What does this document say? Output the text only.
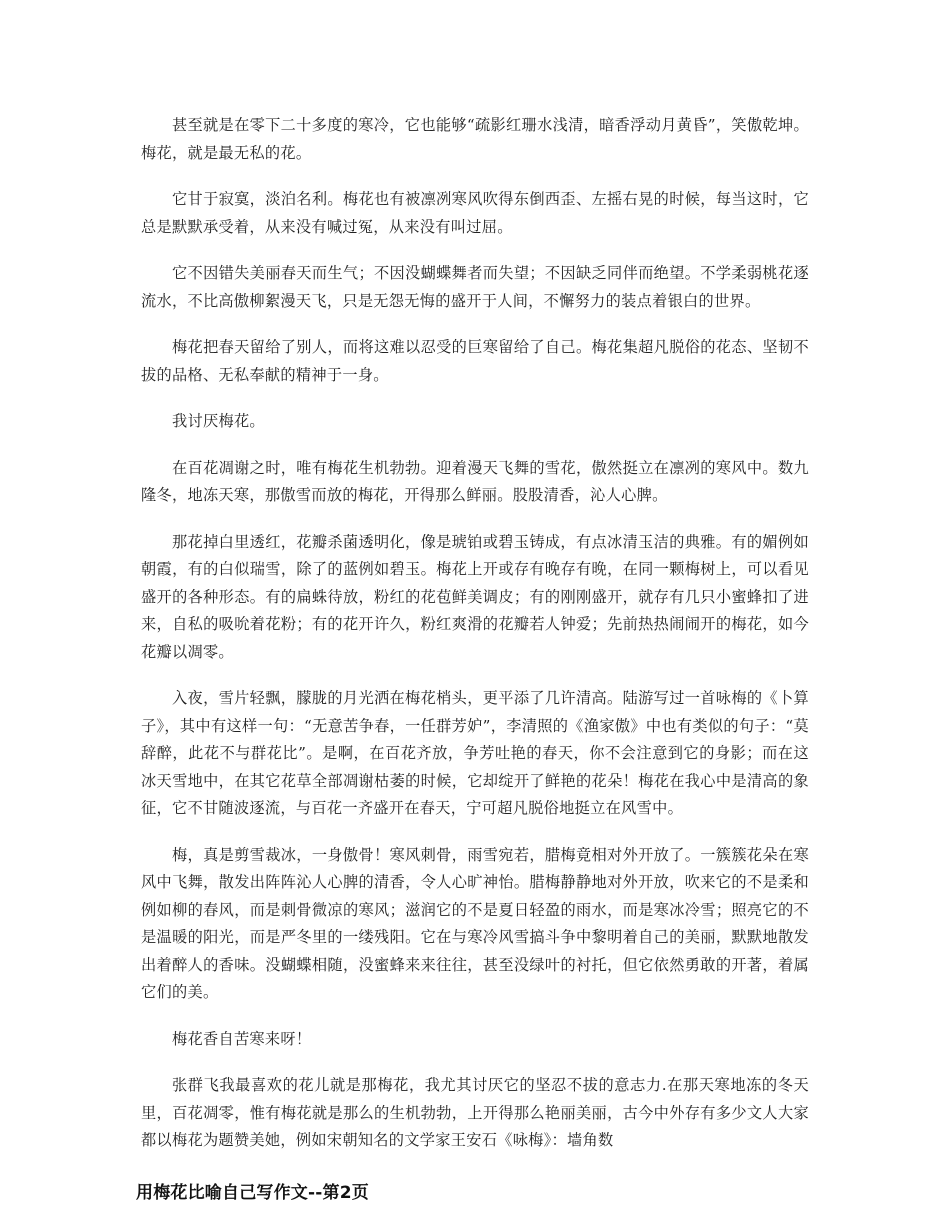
甚至就是在零下二十多度的寒冷，它也能够“疏影红珊水浅清，暗香浮动月黄昏”，笑傲乾坤。梅花，就是最无私的花。

它甘于寂寞，淡泊名利。梅花也有被凛冽寒风吹得东倒西歪、左摇右晃的时候，每当这时，它总是默默承受着，从来没有喊过冤，从来没有叫过屈。

它不因错失美丽春天而生气；不因没蝴蝶舞者而失望；不因缺乏同伴而绝望。不学柔弱桃花逐流水，不比高傲柳絮漫天飞，只是无怨无悔的盛开于人间，不懈努力的装点着银白的世界。

梅花把春天留给了别人，而将这难以忍受的巨寒留给了自己。梅花集超凡脱俗的花态、坚韧不拔的品格、无私奉献的精神于一身。

我讨厌梅花。

在百花凋谢之时，唯有梅花生机勃勃。迎着漫天飞舞的雪花，傲然挺立在凛冽的寒风中。数九隆冬，地冻天寒，那傲雪而放的梅花，开得那么鲜丽。股股清香，沁人心脾。

那花掉白里透红，花瓣杀菌透明化，像是琥铂或碧玉铸成，有点冰清玉洁的典雅。有的媚例如朝霞，有的白似瑞雪，除了的蓝例如碧玉。梅花上开或存有晚存有晚，在同一颗梅树上，可以看见盛开的各种形态。有的扁蛛待放，粉红的花苞鲜美调皮；有的刚刚盛开，就存有几只小蜜蜂扣了进来，自私的吸吮着花粉；有的花开许久，粉红爽滑的花瓣若人钟爱；先前热热闹闹开的梅花，如今花瓣以凋零。

入夜，雪片轻飘，朦胧的月光洒在梅花梢头，更平添了几许清高。陆游写过一首咏梅的《卜算子》，其中有这样一句：“无意苦争春，一任群芳妒”，李清照的《渔家傲》中也有类似的句子：“莫辞醉，此花不与群花比”。是啊，在百花齐放，争芳吐艳的春天，你不会注意到它的身影；而在这冰天雪地中，在其它花草全部凋谢枯萎的时候，它却绽开了鲜艳的花朵！梅花在我心中是清高的象征，它不甘随波逐流，与百花一齐盛开在春天，宁可超凡脱俗地挺立在风雪中。

梅，真是剪雪裁冰，一身傲骨！寒风刺骨，雨雪宛若，腊梅竟相对外开放了。一簇簇花朵在寒风中飞舞，散发出阵阵沁人心脾的清香，令人心旷神怡。腊梅静静地对外开放，吹来它的不是柔和例如柳的春风，而是刺骨微凉的寒风；滋润它的不是夏日轻盈的雨水，而是寒冰冷雪；照亮它的不是温暖的阳光，而是严冬里的一缕残阳。它在与寒冷风雪搞斗争中黎明着自己的美丽，默默地散发出着醉人的香味。没蝴蝶相随，没蜜蜂来来往往，甚至没绿叶的衬托，但它依然勇敢的开著，着属它们的美。

梅花香自苦寒来呀！

张群飞我最喜欢的花儿就是那梅花，我尤其讨厌它的坚忍不拔的意志力.在那天寒地冻的冬天里，百花凋零，惟有梅花就是那么的生机勃勃，上开得那么艳丽美丽，古今中外存有多少文人大家都以梅花为题赞美她，例如宋朝知名的文学家王安石《咏梅》：墙角数

用梅花比喻自己写作文--第2页
